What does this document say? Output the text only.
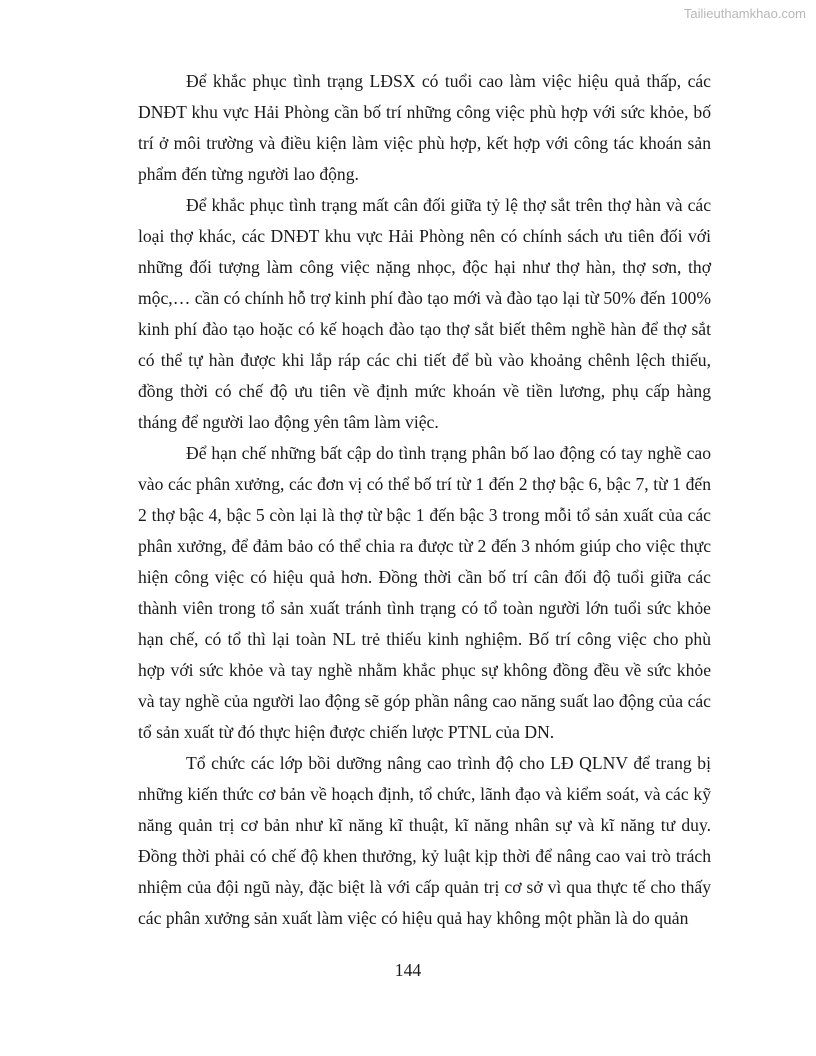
Tailieuthamkhao.com

Để khắc phục tình trạng LĐSX có tuổi cao làm việc hiệu quả thấp, các DNĐT khu vực Hải Phòng cần bố trí những công việc phù hợp với sức khỏe, bố trí ở môi trường và điều kiện làm việc phù hợp, kết hợp với công tác khoán sản phẩm đến từng người lao động.

Để khắc phục tình trạng mất cân đối giữa tỷ lệ thợ sắt trên thợ hàn và các loại thợ khác, các DNĐT khu vực Hải Phòng nên có chính sách ưu tiên đối với những đối tượng làm công việc nặng nhọc, độc hại như thợ hàn, thợ sơn, thợ mộc,… cần có chính hỗ trợ kinh phí đào tạo mới và đào tạo lại từ 50% đến 100% kinh phí đào tạo hoặc có kế hoạch đào tạo thợ sắt biết thêm nghề hàn để thợ sắt có thể tự hàn được khi lắp ráp các chi tiết để bù vào khoảng chênh lệch thiếu, đồng thời có chế độ ưu tiên về định mức khoán về tiền lương, phụ cấp hàng tháng để người lao động yên tâm làm việc.

Để hạn chế những bất cập do tình trạng phân bố lao động có tay nghề cao vào các phân xưởng, các đơn vị có thể bố trí từ 1 đến 2 thợ bậc 6, bậc 7, từ 1 đến 2 thợ bậc 4, bậc 5 còn lại là thợ từ bậc 1 đến bậc 3 trong mỗi tổ sản xuất của các phân xưởng, để đảm bảo có thể chia ra được từ 2 đến 3 nhóm giúp cho việc thực hiện công việc có hiệu quả hơn. Đồng thời cần bố trí cân đối độ tuổi giữa các thành viên trong tổ sản xuất tránh tình trạng có tổ toàn người lớn tuổi sức khỏe hạn chế, có tổ thì lại toàn NL trẻ thiếu kinh nghiệm. Bố trí công việc cho phù hợp với sức khỏe và tay nghề nhằm khắc phục sự không đồng đều về sức khỏe và tay nghề của người lao động sẽ góp phần nâng cao năng suất lao động của các tổ sản xuất từ đó thực hiện được chiến lược PTNL của DN.

Tổ chức các lớp bồi dưỡng nâng cao trình độ cho LĐ QLNV để trang bị những kiến thức cơ bản về hoạch định, tổ chức, lãnh đạo và kiểm soát, và các kỹ năng quản trị cơ bản như kĩ năng kĩ thuật, kĩ năng nhân sự và kĩ năng tư duy. Đồng thời phải có chế độ khen thưởng, kỷ luật kịp thời để nâng cao vai trò trách nhiệm của đội ngũ này, đặc biệt là với cấp quản trị cơ sở vì qua thực tế cho thấy các phân xưởng sản xuất làm việc có hiệu quả hay không một phần là do quản

144
